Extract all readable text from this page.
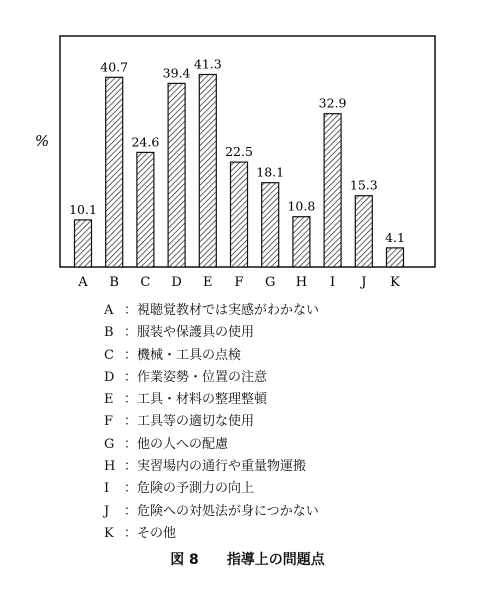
%
10.1
40.7
24.6
39.4
41.3
22.5
18.1
10.8
32.9
15.3
4.1
A B C D E F G H I J K
A ：視聴覚教材では実感がわかない
B ：服装や保護具の使用
C ：機械・工具の点検
D ：作業姿勢・位置の注意
E ：工具・材料の整理整頓
F ：工具等の適切な使用
G ：他の人への配慮
H ：実習場内の通行や重量物運搬
I ：危険の予測力の向上
J ：危険への対処法が身につかない
K ：その他
図 8 指導上の問題点
